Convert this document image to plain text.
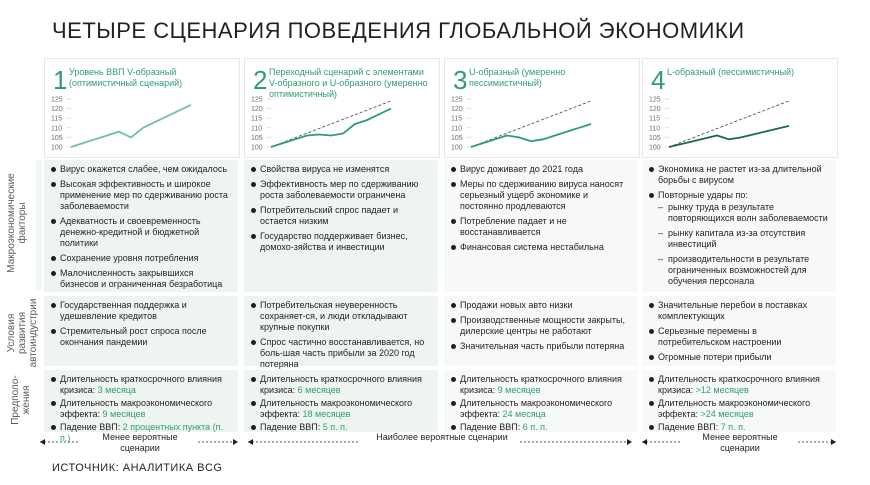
ЧЕТЫРЕ СЦЕНАРИЯ ПОВЕДЕНИЯ ГЛОБАЛЬНОЙ ЭКОНОМИКИ
1 Уровень ВВП V-образный (оптимистичный сценарий)
125
120
115
110
105
100
2 Переходный сценарий с элементами V-образного и U-образного (умеренно оптимистичный)
125
120
115
110
105
100
3 U-образный (умеренно пессимистичный)
125
120
115
110
105
100
4 L-образный (пессимистичный)
125
120
115
110
105
100
Макроэкономические факторы
Условия развития автоиндустрии
Предполо-жения
Вирус окажется слабее, чем ожидалось
Высокая эффективность и широкое применение мер по сдерживанию роста заболеваемости
Адекватность и своевременность денежно-кредитной и бюджетной политики
Сохранение уровня потребления
Малочисленность закрывшихся бизнесов и ограниченная безработица
Свойства вируса не изменятся
Эффективность мер по сдерживанию роста заболеваемости ограничена
Потребительский спрос падает и остается низким
Государство поддерживает бизнес, домохо-зяйства и инвестиции
Вирус доживает до 2021 года
Меры по сдерживанию вируса наносят серьезный ущерб экономике и постоянно продлеваются
Потребление падает и не восстанавливается
Финансовая система нестабильна
Экономика не растет из-за длительной борьбы с вирусом
Повторные удары по:
– рынку труда в результате повторяющихся волн заболеваемости
– рынку капитала из-за отсутствия инвестиций
– производительности в результате ограниченных возможностей для обучения персонала
Государственная поддержка и удешевление кредитов
Стремительный рост спроса после окончания пандемии
Потребительская неуверенность сохраняет-ся, и люди откладывают крупные покупки
Спрос частично восстанавливается, но боль-шая часть прибыли за 2020 год потеряна
Продажи новых авто низки
Производственные мощности закрыты, дилерские центры не работают
Значительная часть прибыли потеряна
Значительные перебои в поставках комплектующих
Серьезные перемены в потребительском настроении
Огромные потери прибыли
Длительность краткосрочного влияния кризиса: 3 месяца
Длительность макроэкономического эффекта: 9 месяцев
Падение ВВП: 2 процентных пункта (п. п.)
Длительность краткосрочного влияния кризиса: 6 месяцев
Длительность макроэкономического эффекта: 18 месяцев
Падение ВВП: 5 п. п.
Длительность краткосрочного влияния кризиса: 9 месяцев
Длительность макроэкономического эффекта: 24 месяца
Падение ВВП: 6 п. п.
Длительность краткосрочного влияния кризиса: >12 месяцев
Длительность макроэкономического эффекта: >24 месяцев
Падение ВВП: 7 п. п.
Менее вероятные сценарии
Наиболее вероятные сценарии	Менее вероятные сценарии
ИСТОЧНИК: АНАЛИТИКА BCG
